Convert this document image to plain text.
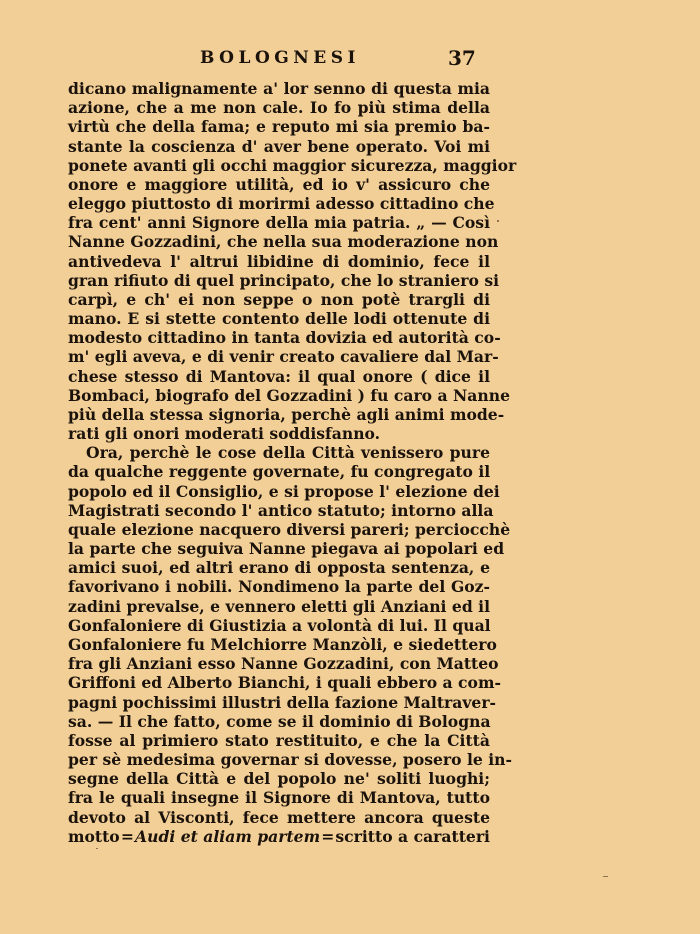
BOLOGNESI	37
dicano malignamente a' lor senno di questa mia
azione, che a me non cale. Io fo più stima della
virtù che della fama; e reputo mi sia premio ba-
stante la coscienza d' aver bene operato. Voi mi
ponete avanti gli occhi maggior sicurezza, maggior
onore e maggiore utilità, ed io v' assicuro che
eleggo piuttosto di morirmi adesso cittadino che
fra cent' anni Signore della mia patria. „ — Così
Nanne Gozzadini, che nella sua moderazione non
antivedeva l' altrui libidine di dominio, fece il
gran rifiuto di quel principato, che lo straniero si
carpì, e ch' ei non seppe o non potè trargli di
mano. E si stette contento delle lodi ottenute di
modesto cittadino in tanta dovizia ed autorità co-
m' egli aveva, e di venir creato cavaliere dal Mar-
chese stesso di Mantova: il qual onore ( dice il
Bombaci, biografo del Gozzadini ) fu caro a Nanne
più della stessa signoria, perchè agli animi mode-
rati gli onori moderati soddisfanno.
Ora, perchè le cose della Città venissero pure
da qualche reggente governate, fu congregato il
popolo ed il Consiglio, e si propose l' elezione dei
Magistrati secondo l' antico statuto; intorno alla
quale elezione nacquero diversi pareri; perciocchè
la parte che seguiva Nanne piegava ai popolari ed
amici suoi, ed altri erano di opposta sentenza, e
favorivano i nobili. Nondimeno la parte del Goz-
zadini prevalse, e vennero eletti gli Anziani ed il
Gonfaloniere di Giustizia a volontà di lui. Il qual
Gonfaloniere fu Melchiorre Manzòli, e siedettero
fra gli Anziani esso Nanne Gozzadini, con Matteo
Griffoni ed Alberto Bianchi, i quali ebbero a com-
pagni pochissimi illustri della fazione Maltraver-
sa. — Il che fatto, come se il dominio di Bologna
fosse al primiero stato restituito, e che la Città
per sè medesima governar si dovesse, posero le in-
segne della Città e del popolo ne' soliti luoghi;
fra le quali insegne il Signore di Mantova, tutto
devoto al Visconti, fece mettere ancora queste
motto = Audi et aliam partem = scritto a caratteri
